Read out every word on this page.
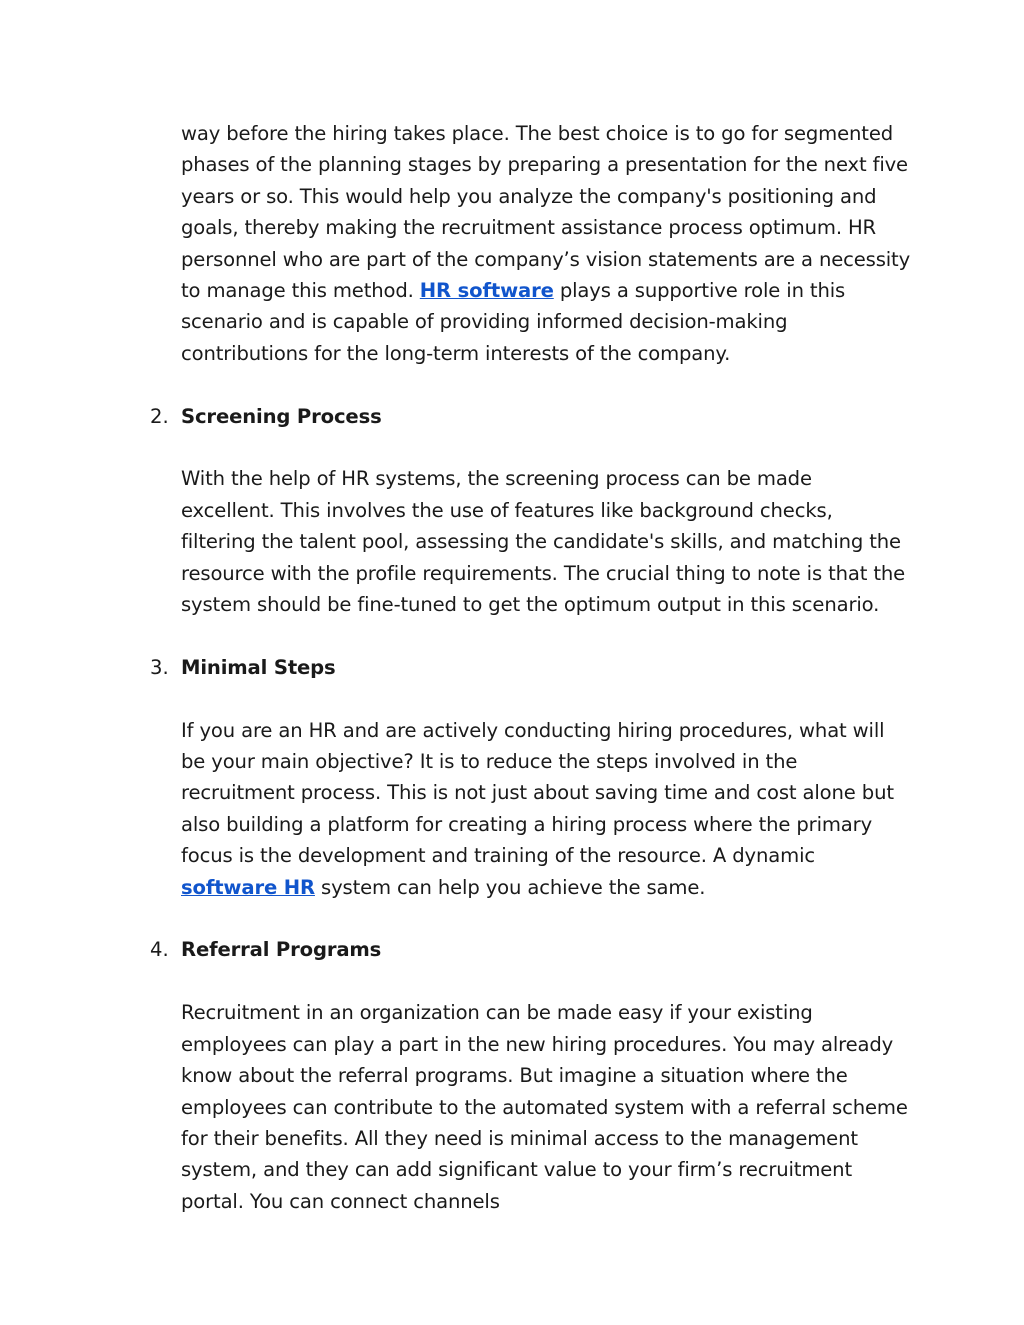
way before the hiring takes place. The best choice is to go for segmented phases of the planning stages by preparing a presentation for the next five years or so. This would help you analyze the company's positioning and goals, thereby making the recruitment assistance process optimum. HR personnel who are part of the company’s vision statements are a necessity to manage this method. HR software plays a supportive role in this scenario and is capable of providing informed decision-making contributions for the long-term interests of the company.

2. Screening Process

With the help of HR systems, the screening process can be made excellent. This involves the use of features like background checks, filtering the talent pool, assessing the candidate's skills, and matching the resource with the profile requirements. The crucial thing to note is that the system should be fine-tuned to get the optimum output in this scenario.

3. Minimal Steps

If you are an HR and are actively conducting hiring procedures, what will be your main objective? It is to reduce the steps involved in the recruitment process. This is not just about saving time and cost alone but also building a platform for creating a hiring process where the primary focus is the development and training of the resource. A dynamic software HR system can help you achieve the same.

4. Referral Programs

Recruitment in an organization can be made easy if your existing employees can play a part in the new hiring procedures. You may already know about the referral programs. But imagine a situation where the employees can contribute to the automated system with a referral scheme for their benefits. All they need is minimal access to the management system, and they can add significant value to your firm’s recruitment portal. You can connect channels
